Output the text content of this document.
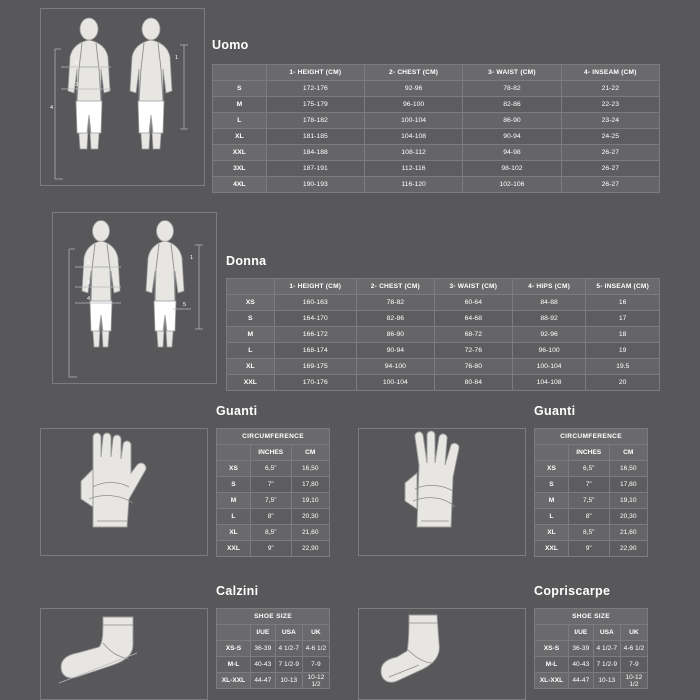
2
3
4
1
Uomo
	1- HEIGHT (CM)	2- CHEST (CM)	3- WAIST (CM)	4- INSEAM (CM)
S	172-176	92-96	78-82	21-22
M	175-179	96-100	82-86	22-23
L	178-182	100-104	86-90	23-24
XL	181-185	104-108	90-94	24-25
XXL	184-188	108-112	94-98	26-27
3XL	187-191	112-116	98-102	26-27
4XL	190-193	116-120	102-106	26-27
2
3
4
1
5
Donna
	1- HEIGHT (CM)	2- CHEST (CM)	3- WAIST (CM)	4- HIPS (CM)	5- INSEAM (CM)
XS	160-163	78-82	60-64	84-88	16
S	164-170	82-86	64-68	88-92	17
M	166-172	86-90	68-72	92-96	18
L	168-174	90-94	72-76	96-100	19
XL	169-175	94-100	76-80	100-104	19.5
XXL	170-176	100-104	80-84	104-108	20
Guanti
CIRCUMFERENCE		
	INCHES	CM
XS	6,5"	16,50
S	7"	17,80
M	7,5"	19,10
L	8"	20,30
XL	8,5"	21,60
XXL	9"	22,90
Guanti
CIRCUMFERENCE		
	INCHES	CM
XS	6,5"	16,50
S	7"	17,80
M	7,5"	19,10
L	8"	20,30
XL	8,5"	21,60
XXL	9"	22,90
Calzini
SHOE SIZE			
	I/UE	USA	UK
XS-S	36-39	4 1/2-7	4-6 1/2
M-L	40-43	7 1/2-9	7-9
XL-XXL	44-47	10-13	10-12 1/2
Copriscarpe
SHOE SIZE			
	I/UE	USA	UK
XS-S	36-39	4 1/2-7	4-6 1/2
M-L	40-43	7 1/2-9	7-9
XL-XXL	44-47	10-13	10-12 1/2
